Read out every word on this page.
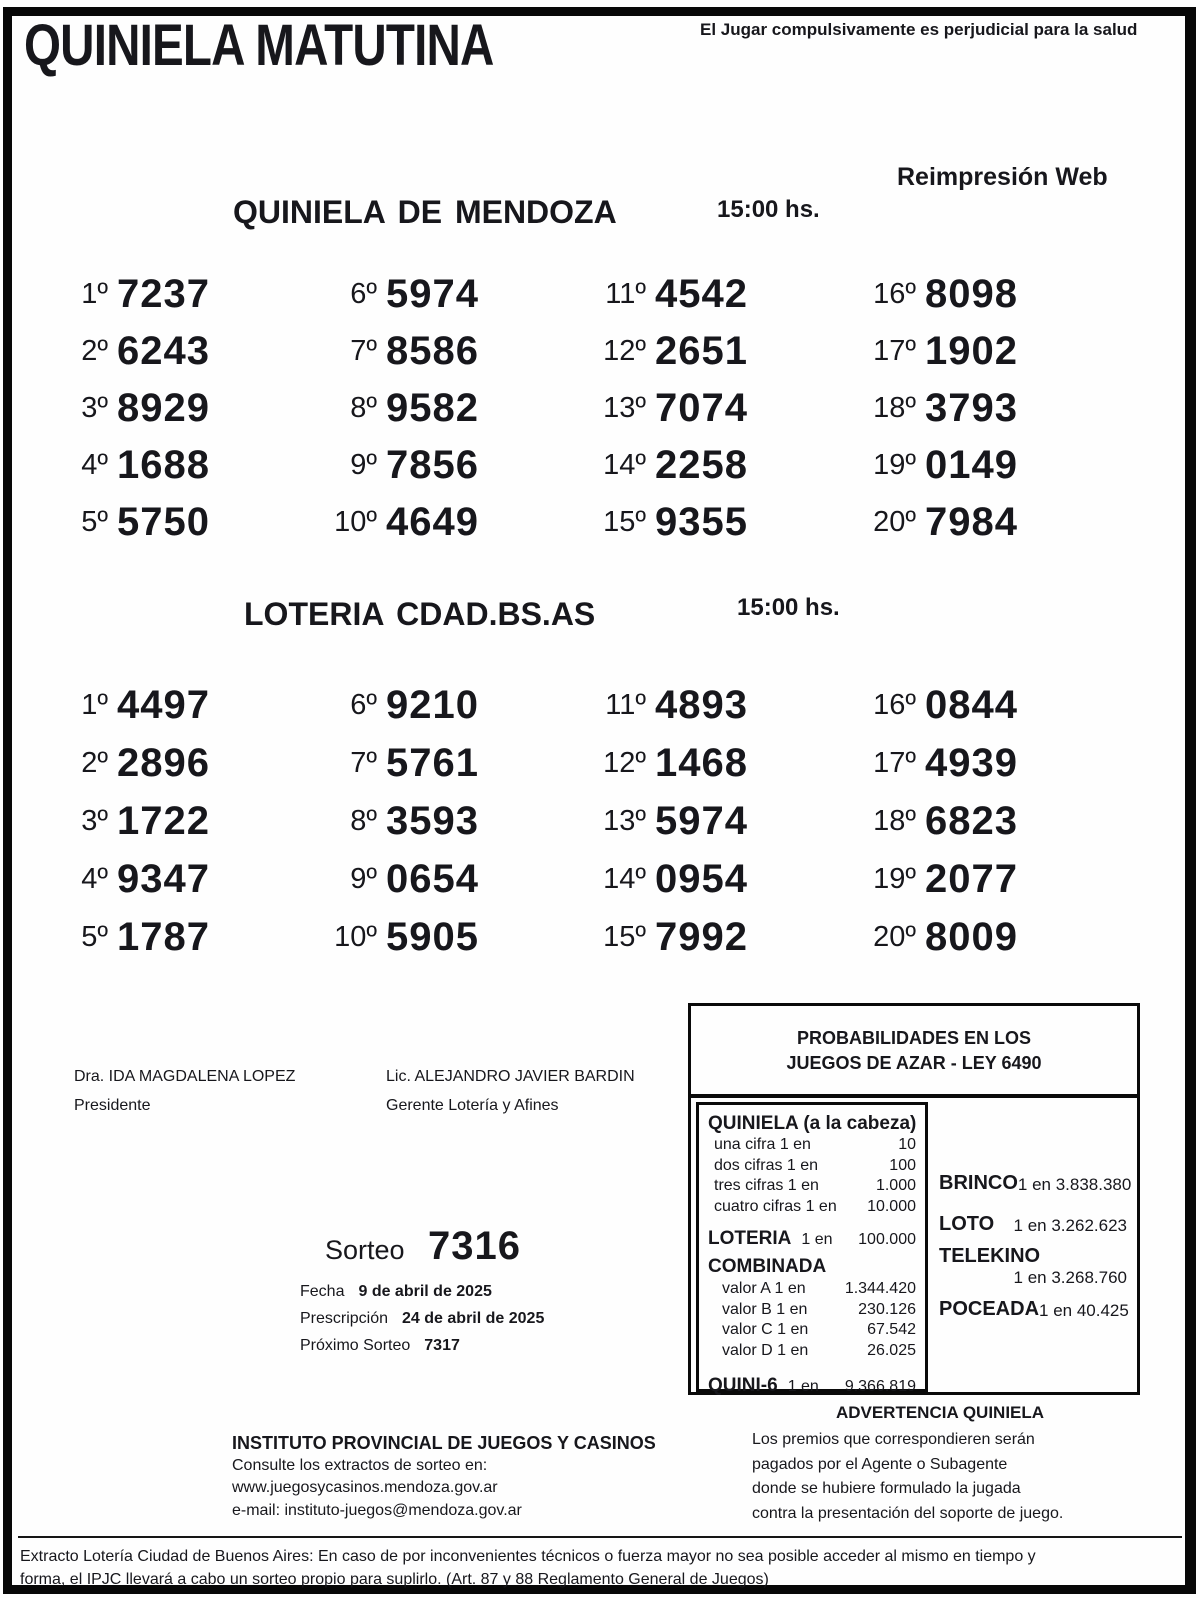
QUINIELA MATUTINA	El Jugar compulsivamente es perjudicial para la salud
Reimpresión Web
QUINIELA DE MENDOZA	15:00 hs.
1º 7237
2º 6243
3º 8929
4º 1688
5º 5750
6º 5974
7º 8586
8º 9582
9º 7856
10º 4649
11º 4542
12º 2651
13º 7074
14º 2258
15º 9355
16º 8098
17º 1902
18º 3793
19º 0149
20º 7984
LOTERIA CDAD.BS.AS	15:00 hs.
1º 4497
2º 2896
3º 1722
4º 9347
5º 1787
6º 9210
7º 5761
8º 3593
9º 0654
10º 5905
11º 4893
12º 1468
13º 5974
14º 0954
15º 7992
16º 0844
17º 4939
18º 6823
19º 2077
20º 8009
Dra. IDA MAGDALENA LOPEZ
Presidente
Lic. ALEJANDRO JAVIER BARDIN
Gerente Lotería y Afines
PROBABILIDADES EN LOS
JUEGOS DE AZAR - LEY 6490
QUINIELA (a la cabeza)
una cifra 1 en	10
dos cifras 1 en	100
tres cifras 1 en	1.000
cuatro cifras 1 en 10.000
LOTERIA 1 en 100.000
COMBINADA
valor A 1 en 1.344.420
valor B 1 en	230.126
valor C 1 en	67.542
valor D 1 en	26.025
QUINI-6 1 en 9.366.819
BRINCO 1 en 3.838.380
LOTO 1 en 3.262.623
TELEKINO
1 en 3.268.760
POCEADA 1 en 40.425
Sorteo 7316
Fecha 9 de abril de 2025
Prescripción 24 de abril de 2025
Próximo Sorteo 7317
INSTITUTO PROVINCIAL DE JUEGOS Y CASINOS
Consulte los extractos de sorteo en:
www.juegosycasinos.mendoza.gov.ar
e-mail: instituto-juegos@mendoza.gov.ar
ADVERTENCIA QUINIELA
Los premios que correspondieren serán
pagados por el Agente o Subagente
donde se hubiere formulado la jugada
contra la presentación del soporte de juego.
Extracto Lotería Ciudad de Buenos Aires: En caso de por inconvenientes técnicos o fuerza mayor no sea posible acceder al mismo en tiempo y
forma, el IPJC llevará a cabo un sorteo propio para suplirlo. (Art. 87 y 88 Reglamento General de Juegos)
